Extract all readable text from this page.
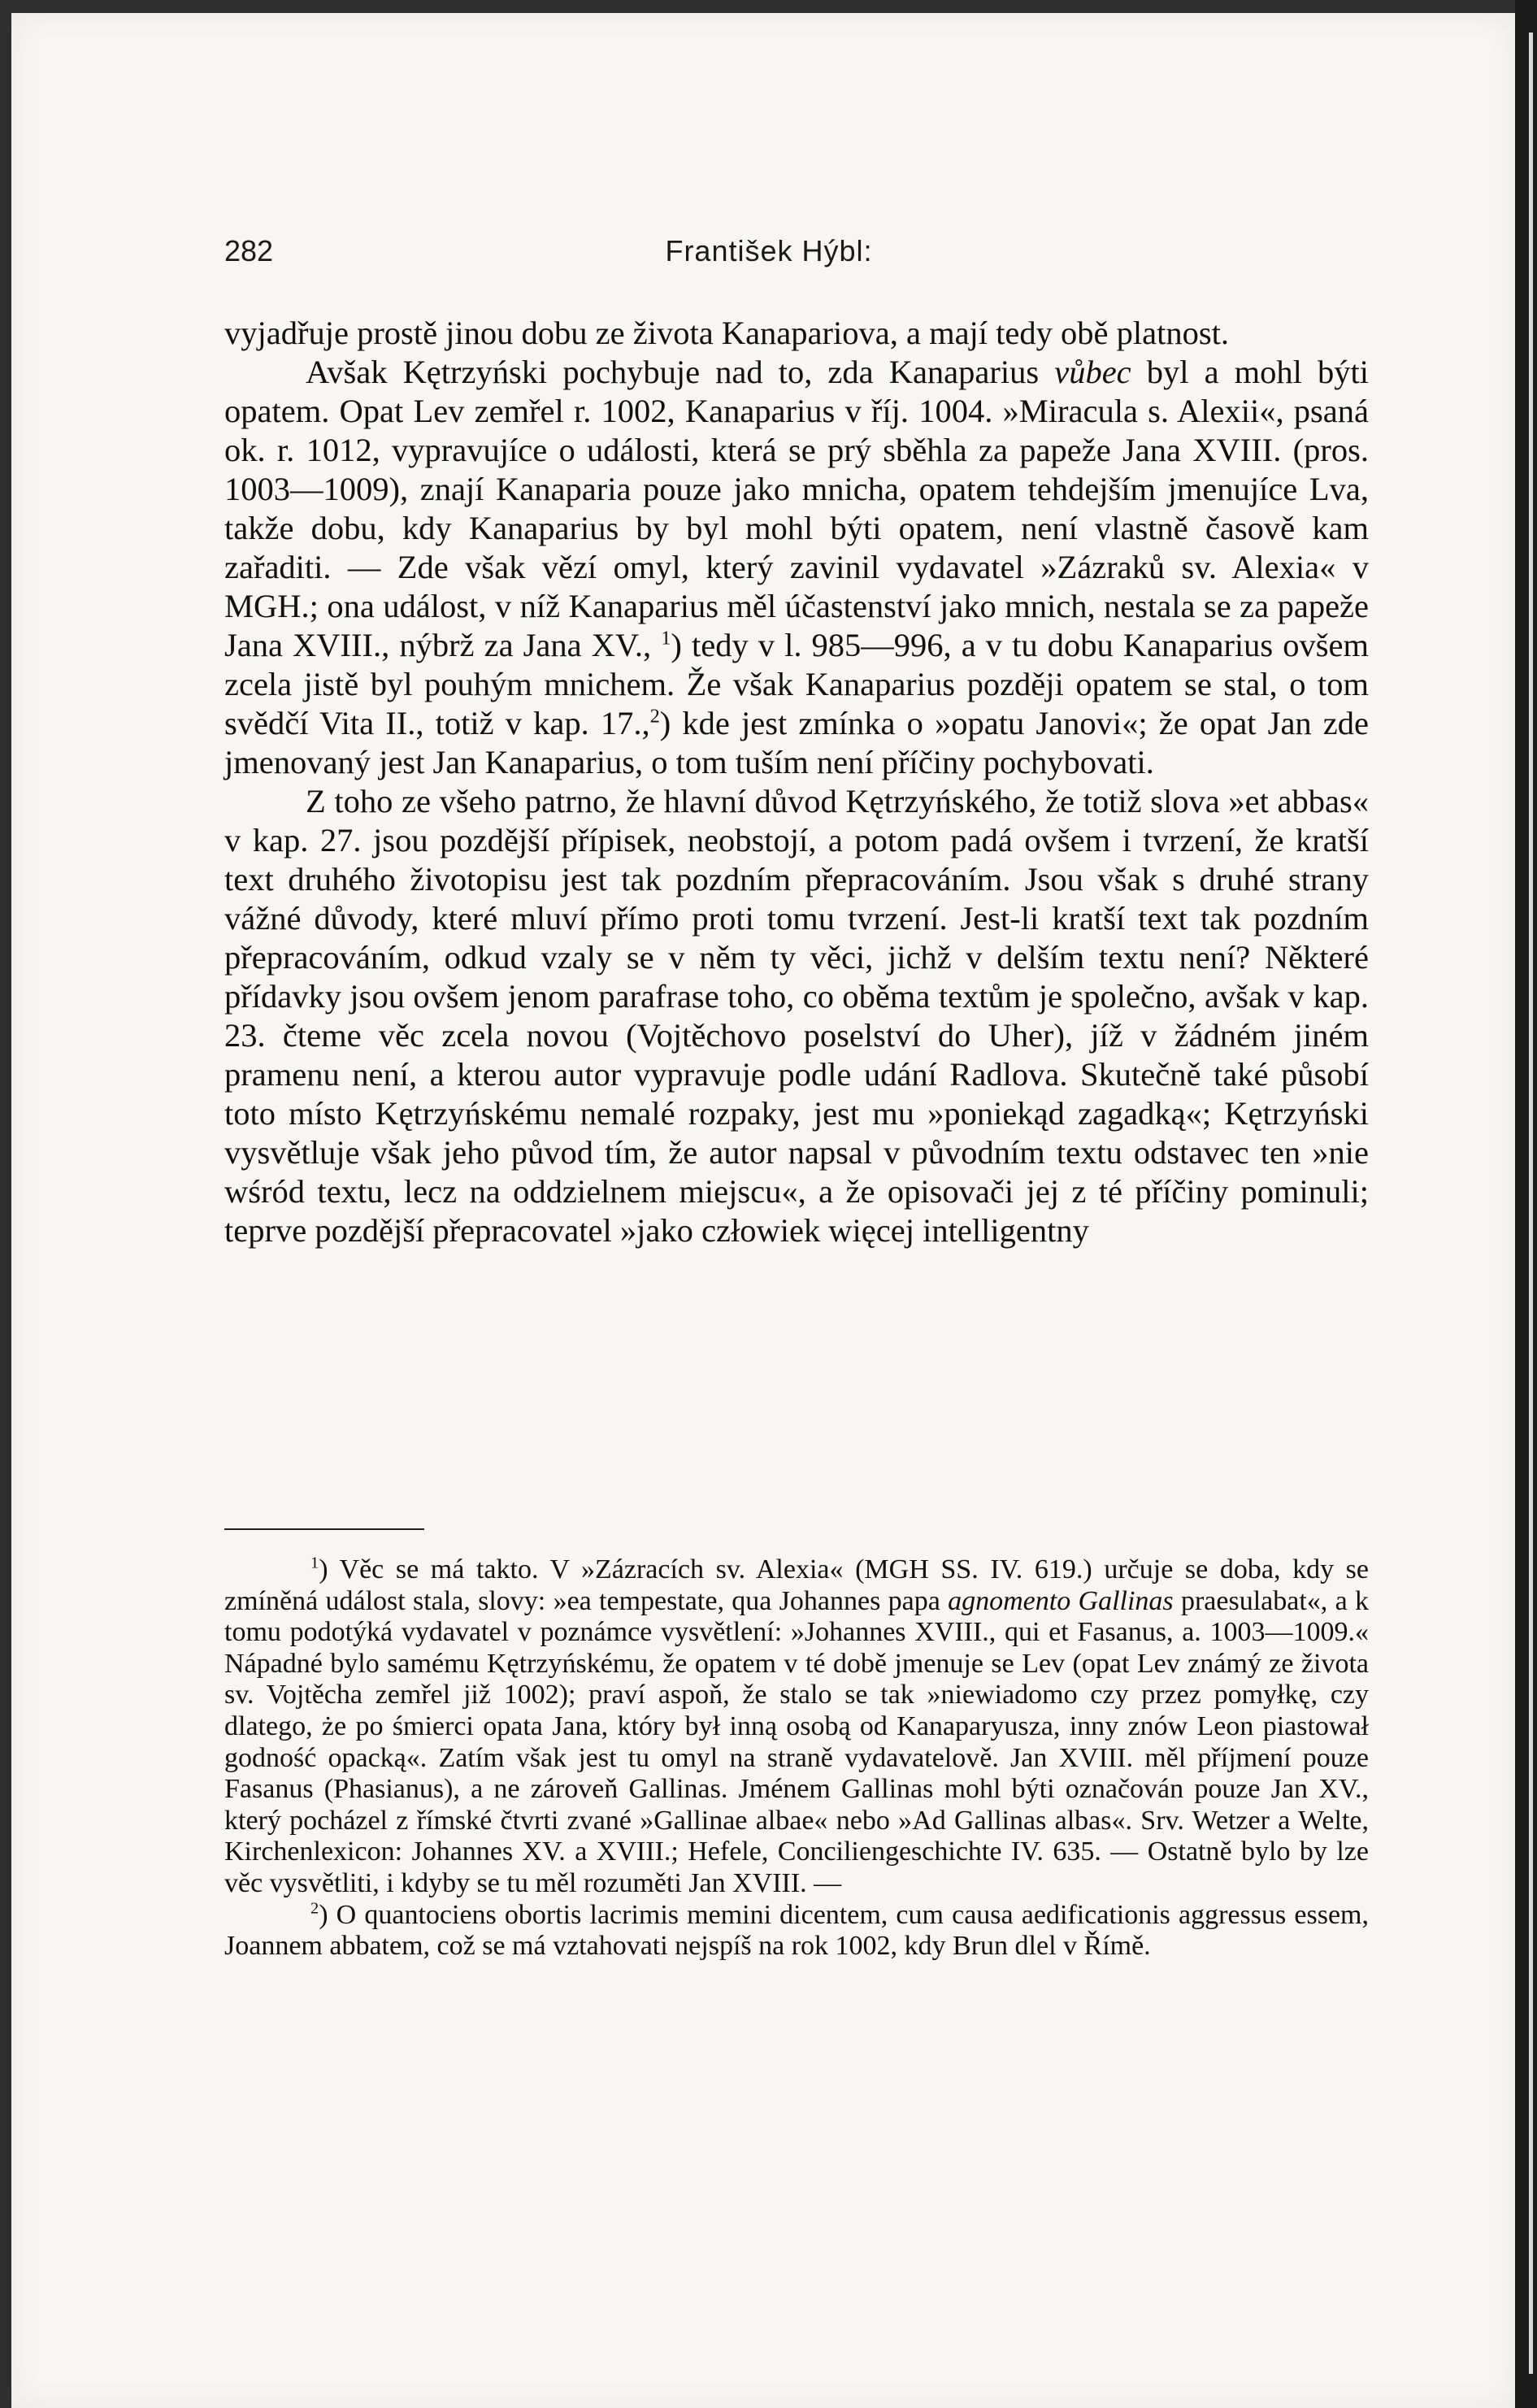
282	František Hýbl:

vyjadřuje prostě jinou dobu ze života Kanapariova, a mají tedy obě platnost.

Avšak Kętrzyński pochybuje nad to, zda Kanaparius vůbec byl a mohl býti opatem. Opat Lev zemřel r. 1002, Kanaparius v říj. 1004. »Miracula s. Alexii«, psaná ok. r. 1012, vypravujíce o události, která se prý sběhla za papeže Jana XVIII. (pros. 1003—1009), znají Kanaparia pouze jako mnicha, opatem tehdejším jmenujíce Lva, takže dobu, kdy Kanaparius by byl mohl býti opatem, není vlastně časově kam zařaditi. — Zde však vězí omyl, který zavinil vydavatel »Zázraků sv. Alexia« v MGH.; ona událost, v níž Kanaparius měl účastenství jako mnich, nestala se za papeže Jana XVIII., nýbrž za Jana XV., $^1$) tedy v l. 985—996, a v tu dobu Kanaparius ovšem zcela jistě byl pouhým mnichem. Že však Kanaparius později opatem se stal, o tom svědčí Vita II., totiž v kap. 17.,$^2$) kde jest zmínka o »opatu Janovi«; že opat Jan zde jmenovaný jest Jan Kanaparius, o tom tuším není příčiny pochybovati.

Z toho ze všeho patrno, že hlavní důvod Kętrzyńského, že totiž slova »et abbas« v kap. 27. jsou pozdější přípisek, neobstojí, a potom padá ovšem i tvrzení, že kratší text druhého životopisu jest tak pozdním přepracováním. Jsou však s druhé strany vážné důvody, které mluví přímo proti tomu tvrzení. Jest-li kratší text tak pozdním přepracováním, odkud vzaly se v něm ty věci, jichž v delším textu není? Některé přídavky jsou ovšem jenom parafrase toho, co oběma textům je společno, avšak v kap. 23. čteme věc zcela novou (Vojtěchovo poselství do Uher), jíž v žádném jiném pramenu není, a kterou autor vypravuje podle udání Radlova. Skutečně také působí toto místo Kętrzyńskému nemalé rozpaky, jest mu »poniekąd zagadką«; Kętrzyński vysvětluje však jeho původ tím, že autor napsal v původním textu odstavec ten »nie wśród textu, lecz na oddzielnem miejscu«, a že opisovači jej z té příčiny pominuli; teprve pozdější přepracovatel »jako człowiek więcej intelligentny

$^1$) Věc se má takto. V »Zázracích sv. Alexia« (MGH SS. IV. 619.) určuje se doba, kdy se zmíněná událost stala, slovy: »ea tempestate, qua Johannes papa agnomento Gallinas praesulabat«, a k tomu podotýká vydavatel v poznámce vysvětlení: »Johannes XVIII., qui et Fasanus, a. 1003—1009.« Nápadné bylo samému Kętrzyńskému, že opatem v té době jmenuje se Lev (opat Lev známý ze života sv. Vojtěcha zemřel již 1002); praví aspoň, že stalo se tak »niewiadomo czy przez pomyłkę, czy dlatego, że po śmierci opata Jana, który był inną osobą od Kanaparyusza, inny znów Leon piastował godność opacką«. Zatím však jest tu omyl na straně vydavatelově. Jan XVIII. měl příjmení pouze Fasanus (Phasianus), a ne zároveň Gallinas. Jménem Gallinas mohl býti označován pouze Jan XV., který pocházel z římské čtvrti zvané »Gallinae albae« nebo »Ad Gallinas albas«. Srv. Wetzer a Welte, Kirchenlexicon: Johannes XV. a XVIII.; Hefele, Conciliengeschichte IV. 635. — Ostatně bylo by lze věc vysvětliti, i kdyby se tu měl rozuměti Jan XVIII. —

$^2$) O quantociens obortis lacrimis memini dicentem, cum causa aedificationis aggressus essem, Joannem abbatem, což se má vztahovati nejspíš na rok 1002, kdy Brun dlel v Římě.
